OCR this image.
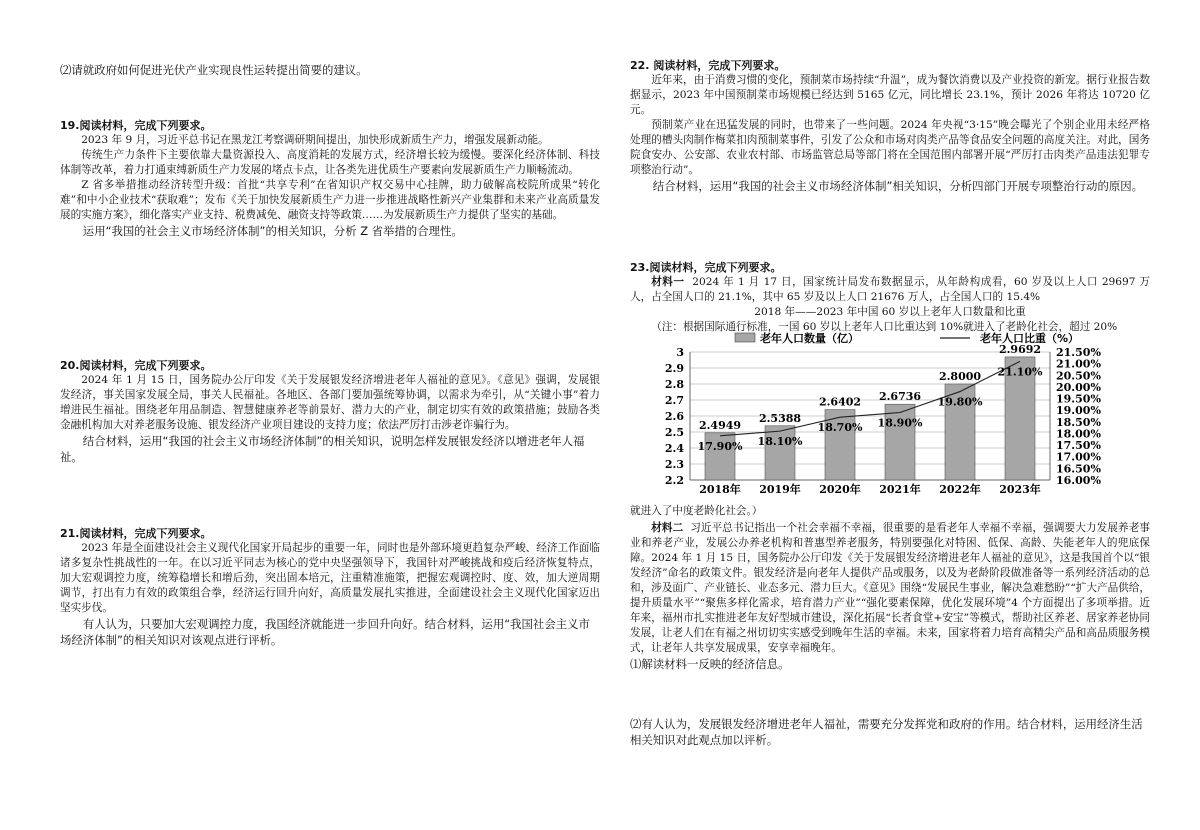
⑵请就政府如何促进光伏产业实现良性运转提出简要的建议。

19.阅读材料，完成下列要求。

2023 年 9 月，习近平总书记在黑龙江考察调研期间提出，加快形成新质生产力，增强发展新动能。

传统生产力条件下主要依靠大量资源投入、高度消耗的发展方式，经济增长较为缓慢。要深化经济体制、科技体制等改革，着力打通束缚新质生产力发展的堵点卡点，让各类先进优质生产要素向发展新质生产力顺畅流动。

Z 省多举措推动经济转型升级：首批“共享专利”在省知识产权交易中心挂牌，助力破解高校院所成果“转化难”和中小企业技术“获取难”；发布《关于加快发展新质生产力进一步推进战略性新兴产业集群和未来产业高质量发展的实施方案》，细化落实产业支持、税费减免、融资支持等政策……为发展新质生产力提供了坚实的基础。

运用“我国的社会主义市场经济体制”的相关知识，分析 Z 省举措的合理性。

20.阅读材料，完成下列要求。

2024 年 1 月 15 日，国务院办公厅印发《关于发展银发经济增进老年人福祉的意见》。《意见》强调，发展银发经济，事关国家发展全局，事关人民福祉。各地区、各部门要加强统筹协调，以需求为牵引，从“关键小事”着力增进民生福祉。围绕老年用品制造、智慧健康养老等前景好、潜力大的产业，制定切实有效的政策措施；鼓励各类金融机构加大对养老服务设施、银发经济产业项目建设的支持力度；依法严厉打击涉老诈骗行为。

结合材料，运用“我国的社会主义市场经济体制”的相关知识，说明怎样发展银发经济以增进老年人福祉。

21.阅读材料，完成下列要求。

2023 年是全面建设社会主义现代化国家开局起步的重要一年，同时也是外部环境更趋复杂严峻、经济工作面临诸多复杂性挑战性的一年。在以习近平同志为核心的党中央坚强领导下，我国针对严峻挑战和疫后经济恢复特点，加大宏观调控力度，统筹稳增长和增后劲，突出固本培元，注重精准施策，把握宏观调控时、度、效，加大逆周期调节，打出有力有效的政策组合拳，经济运行回升向好，高质量发展扎实推进，全面建设社会主义现代化国家迈出坚实步伐。

有人认为，只要加大宏观调控力度，我国经济就能进一步回升向好。结合材料，运用“我国社会主义市场经济体制”的相关知识对该观点进行评析。

22. 阅读材料，完成下列要求。

近年来，由于消费习惯的变化，预制菜市场持续“升温”，成为餐饮消费以及产业投资的新宠。据行业报告数据显示，2023 年中国预制菜市场规模已经达到 5165 亿元，同比增长 23.1%，预计 2026 年将达 10720 亿元。

预制菜产业在迅猛发展的同时，也带来了一些问题。2024 年央视“3·15”晚会曝光了个别企业用未经严格处理的槽头肉制作梅菜扣肉预制菜事件，引发了公众和市场对肉类产品等食品安全问题的高度关注。对此，国务院食安办、公安部、农业农村部、市场监管总局等部门将在全国范围内部署开展“严厉打击肉类产品违法犯罪专项整治行动”。

结合材料，运用“我国的社会主义市场经济体制”相关知识，分析四部门开展专项整治行动的原因。

23.阅读材料，完成下列要求。

材料一 2024 年 1 月 17 日，国家统计局发布数据显示，从年龄构成看，60 岁及以上人口 29697 万人，占全国人口的 21.1%，其中 65 岁及以上人口 21676 万人，占全国人口的 15.4%

2018 年——2023 年中国 60 岁以上老年人口数量和比重

（注：根据国际通行标准，一国 60 岁以上老年人口比重达到 10%就进入了老龄化社会，超过 20%

老年人口数量（亿）	老年人口比重（%）
2.2
2.3
2.4
2.5
2.6
2.7
2.8
2.9
3
16.00%
16.50%
17.00%
17.50%
18.00%
18.50%
19.00%
19.50%
20.00%
20.50%
21.00%
21.50%
2.4949
2018年
2.5388
2019年
2.6402
2020年
2.6736
2021年
2.8000
2022年
2.9692
2023年
17.90% 18.10%
18.70% 18.90%
19.80%
21.10%

就进入了中度老龄化社会。）

材料二 习近平总书记指出一个社会幸福不幸福，很重要的是看老年人幸福不幸福，强调要大力发展养老事业和养老产业，发展公办养老机构和普惠型养老服务，特别要强化对特困、低保、高龄、失能老年人的兜底保障。2024 年 1 月 15 日，国务院办公厅印发《关于发展银发经济增进老年人福祉的意见》，这是我国首个以“银发经济”命名的政策文件。银发经济是向老年人提供产品或服务，以及为老龄阶段做准备等一系列经济活动的总和，涉及面广、产业链长、业态多元、潜力巨大。《意见》围绕“发展民生事业，解决急难愁盼”“扩大产品供给，提升质量水平”“聚焦多样化需求，培育潜力产业”“强化要素保障，优化发展环境”4 个方面提出了多项举措。近年来，福州市扎实推进老年友好型城市建设，深化拓展“长者食堂+安宝”等模式，帮助社区养老、居家养老协同发展，让老人们在有福之州切切实实感受到晚年生活的幸福。未来，国家将着力培育高精尖产品和高品质服务模式，让老年人共享发展成果，安享幸福晚年。

⑴解读材料一反映的经济信息。

⑵有人认为，发展银发经济增进老年人福祉，需要充分发挥党和政府的作用。结合材料，运用经济生活相关知识对此观点加以评析。
